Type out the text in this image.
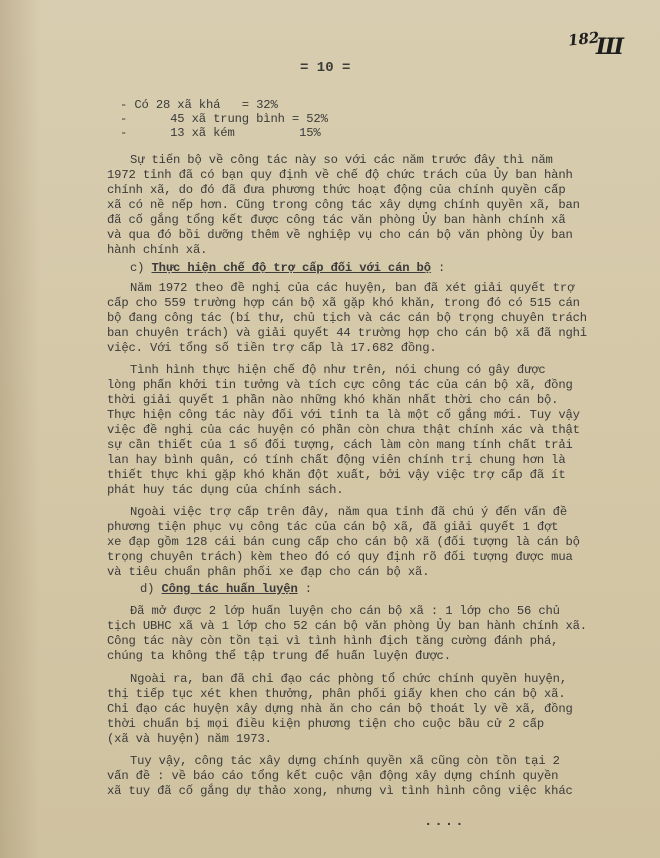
182
Ш
= 10 =
- Có 28 xã khá   = 32%
-      45 xã trung bình = 52%
-      13 xã kém         15%
Sự tiến bộ về công tác này so với các năm trước đây thì năm
1972 tỉnh đã có bạn quy định về chế độ chức trách của Ủy ban hành
chính xã, do đó đã đưa phương thức hoạt động của chính quyền cấp
xã có nề nếp hơn. Cũng trong công tác xây dựng chính quyền xã, ban
đã cố gắng tổng kết được công tác văn phòng Ủy ban hành chính xã
và qua đó bồi dưỡng thêm về nghiệp vụ cho cán bộ văn phòng Ủy ban
hành chính xã.
c) Thực hiện chế độ trợ cấp đối với cán bộ :
Năm 1972 theo đề nghị của các huyện, ban đã xét giải quyết trợ
cấp cho 559 trường hợp cán bộ xã gặp khó khăn, trong đó có 515 cán
bộ đang công tác (bí thư, chủ tịch và các cán bộ trọng chuyên trách
ban chuyên trách) và giải quyết 44 trường hợp cho cán bộ xã đã nghỉ
việc. Với tổng số tiền trợ cấp là 17.682 đồng.
Tình hình thực hiện chế độ như trên, nói chung có gây được
lòng phấn khởi tin tưởng và tích cực công tác của cán bộ xã, đồng
thời giải quyết 1 phần nào những khó khăn nhất thời cho cán bộ.
Thực hiện công tác này đối với tỉnh ta là một cố gắng mới. Tuy vậy
việc đề nghị của các huyện có phần còn chưa thật chính xác và thật
sự cần thiết của 1 số đối tượng, cách làm còn mang tính chất trải
lan hay bình quân, có tính chất động viên chính trị chung hơn là
thiết thực khi gặp khó khăn đột xuất, bởi vậy việc trợ cấp đã ít
phát huy tác dụng của chính sách.
Ngoài việc trợ cấp trên đây, năm qua tỉnh đã chú ý đến vấn đề
phương tiện phục vụ công tác của cán bộ xã, đã giải quyết 1 đợt
xe đạp gồm 128 cái bán cung cấp cho cán bộ xã (đối tượng là cán bộ
trọng chuyên trách) kèm theo đó có quy định rõ đối tượng được mua
và tiêu chuẩn phân phối xe đạp cho cán bộ xã.
d) Công tác huấn luyện :
Đã mở được 2 lớp huấn luyện cho cán bộ xã : 1 lớp cho 56 chủ
tịch UBHC xã và 1 lớp cho 52 cán bộ văn phòng Ủy ban hành chính xã.
Công tác này còn tồn tại vì tình hình địch tăng cường đánh phá,
chúng ta không thể tập trung để huấn luyện được.
Ngoài ra, ban đã chỉ đạo các phòng tổ chức chính quyền huyện,
thị tiếp tục xét khen thưởng, phân phối giấy khen cho cán bộ xã.
Chỉ đạo các huyện xây dựng nhà ăn cho cán bộ thoát ly về xã, đồng
thời chuẩn bị mọi điều kiện phương tiện cho cuộc bầu cử 2 cấp
(xã và huyện) năm 1973.
Tuy vậy, công tác xây dựng chính quyền xã cũng còn tồn tại 2
vấn đề : về báo cáo tổng kết cuộc vận động xây dựng chính quyền
xã tuy đã cố gắng dự thảo xong, nhưng vì tình hình công việc khác
....
